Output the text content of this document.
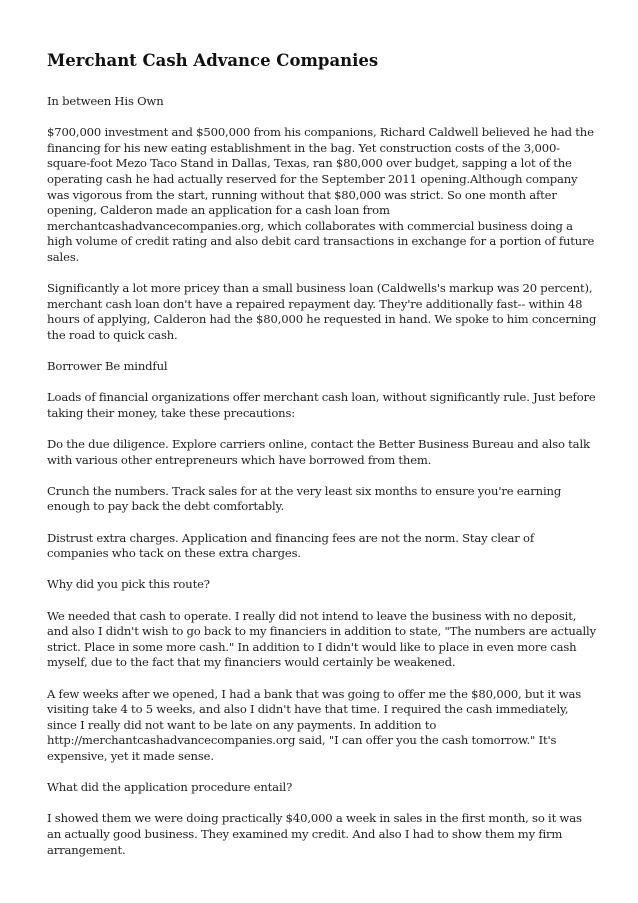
Merchant Cash Advance Companies

In between His Own

$700,000 investment and $500,000 from his companions, Richard Caldwell believed he had the financing for his new eating establishment in the bag. Yet construction costs of the 3,000-square-foot Mezo Taco Stand in Dallas, Texas, ran $80,000 over budget, sapping a lot of the operating cash he had actually reserved for the September 2011 opening.Although company was vigorous from the start, running without that $80,000 was strict. So one month after opening, Calderon made an application for a cash loan from merchantcashadvancecompanies.org, which collaborates with commercial business doing a high volume of credit rating and also debit card transactions in exchange for a portion of future sales.

Significantly a lot more pricey than a small business loan (Caldwells's markup was 20 percent), merchant cash loan don't have a repaired repayment day. They're additionally fast-- within 48 hours of applying, Calderon had the $80,000 he requested in hand. We spoke to him concerning the road to quick cash.

Borrower Be mindful

Loads of financial organizations offer merchant cash loan, without significantly rule. Just before taking their money, take these precautions:

Do the due diligence. Explore carriers online, contact the Better Business Bureau and also talk with various other entrepreneurs which have borrowed from them.

Crunch the numbers. Track sales for at the very least six months to ensure you're earning enough to pay back the debt comfortably.

Distrust extra charges. Application and financing fees are not the norm. Stay clear of companies who tack on these extra charges.

Why did you pick this route?

We needed that cash to operate. I really did not intend to leave the business with no deposit, and also I didn't wish to go back to my financiers in addition to state, "The numbers are actually strict. Place in some more cash." In addition to I didn't would like to place in even more cash myself, due to the fact that my financiers would certainly be weakened.

A few weeks after we opened, I had a bank that was going to offer me the $80,000, but it was visiting take 4 to 5 weeks, and also I didn't have that time. I required the cash immediately, since I really did not want to be late on any payments. In addition to http://merchantcashadvancecompanies.org said, "I can offer you the cash tomorrow." It's expensive, yet it made sense.

What did the application procedure entail?

I showed them we were doing practically $40,000 a week in sales in the first month, so it was an actually good business. They examined my credit. And also I had to show them my firm arrangement.
